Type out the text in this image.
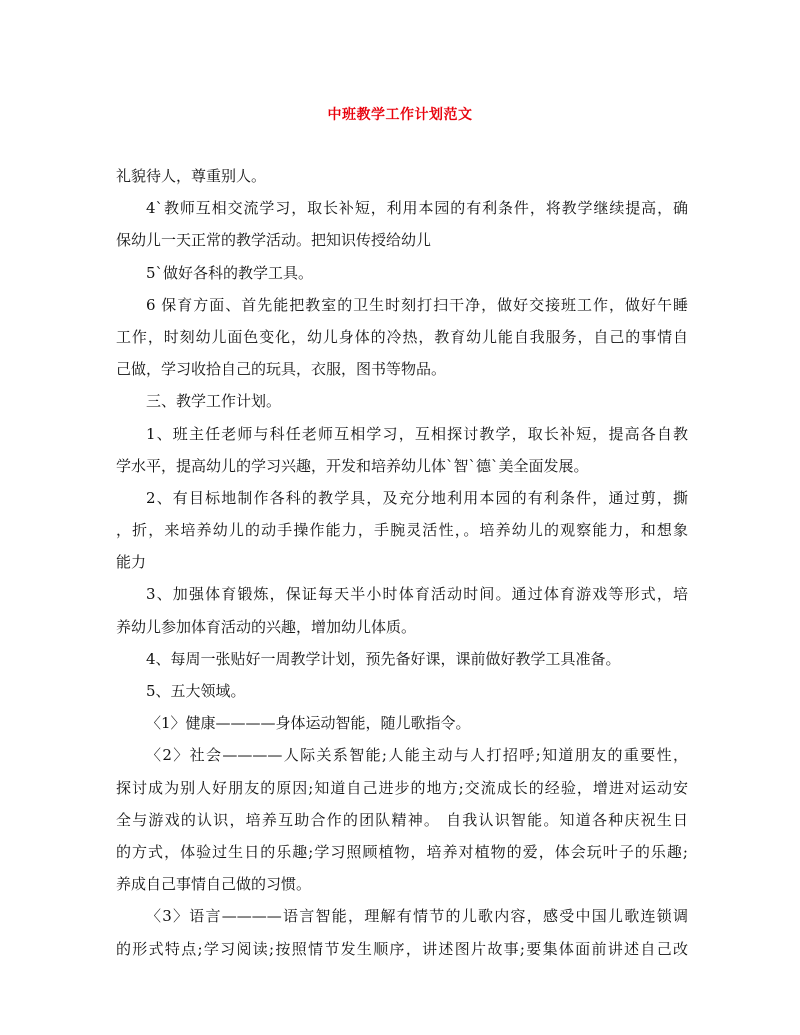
中班教学工作计划范文
礼貌待人，尊重别人。
4`教师互相交流学习，取长补短，利用本园的有利条件，将教学继续提高，确
保幼儿一天正常的教学活动。把知识传授给幼儿
5`做好各科的教学工具。
6 保育方面、首先能把教室的卫生时刻打扫干净，做好交接班工作，做好午睡
工作，时刻幼儿面色变化，幼儿身体的冷热，教育幼儿能自我服务，自己的事情自
己做，学习收拾自己的玩具，衣服，图书等物品。
三、教学工作计划。
1、班主任老师与科任老师互相学习，互相探讨教学，取长补短，提高各自教
学水平，提高幼儿的学习兴趣，开发和培养幼儿体`智`德`美全面发展。
2、有目标地制作各科的教学具，及充分地利用本园的有利条件，通过剪，撕
，折，来培养幼儿的动手操作能力，手腕灵活性，。培养幼儿的观察能力，和想象
能力
3、加强体育锻炼，保证每天半小时体育活动时间。通过体育游戏等形式，培
养幼儿参加体育活动的兴趣，增加幼儿体质。
4、每周一张贴好一周教学计划，预先备好课，课前做好教学工具准备。
5、五大领域。
〈1〉健康————身体运动智能，随儿歌指令。
〈2〉社会————人际关系智能;人能主动与人打招呼;知道朋友的重要性，
探讨成为别人好朋友的原因;知道自己进步的地方;交流成长的经验，增进对运动安
全与游戏的认识，培养互助合作的团队精神。 自我认识智能。知道各种庆祝生日
的方式，体验过生日的乐趣;学习照顾植物，培养对植物的爱，体会玩叶子的乐趣;
养成自己事情自己做的习惯。
〈3〉语言————语言智能，理解有情节的儿歌内容，感受中国儿歌连锁调
的形式特点;学习阅读;按照情节发生顺序，讲述图片故事;要集体面前讲述自己改
